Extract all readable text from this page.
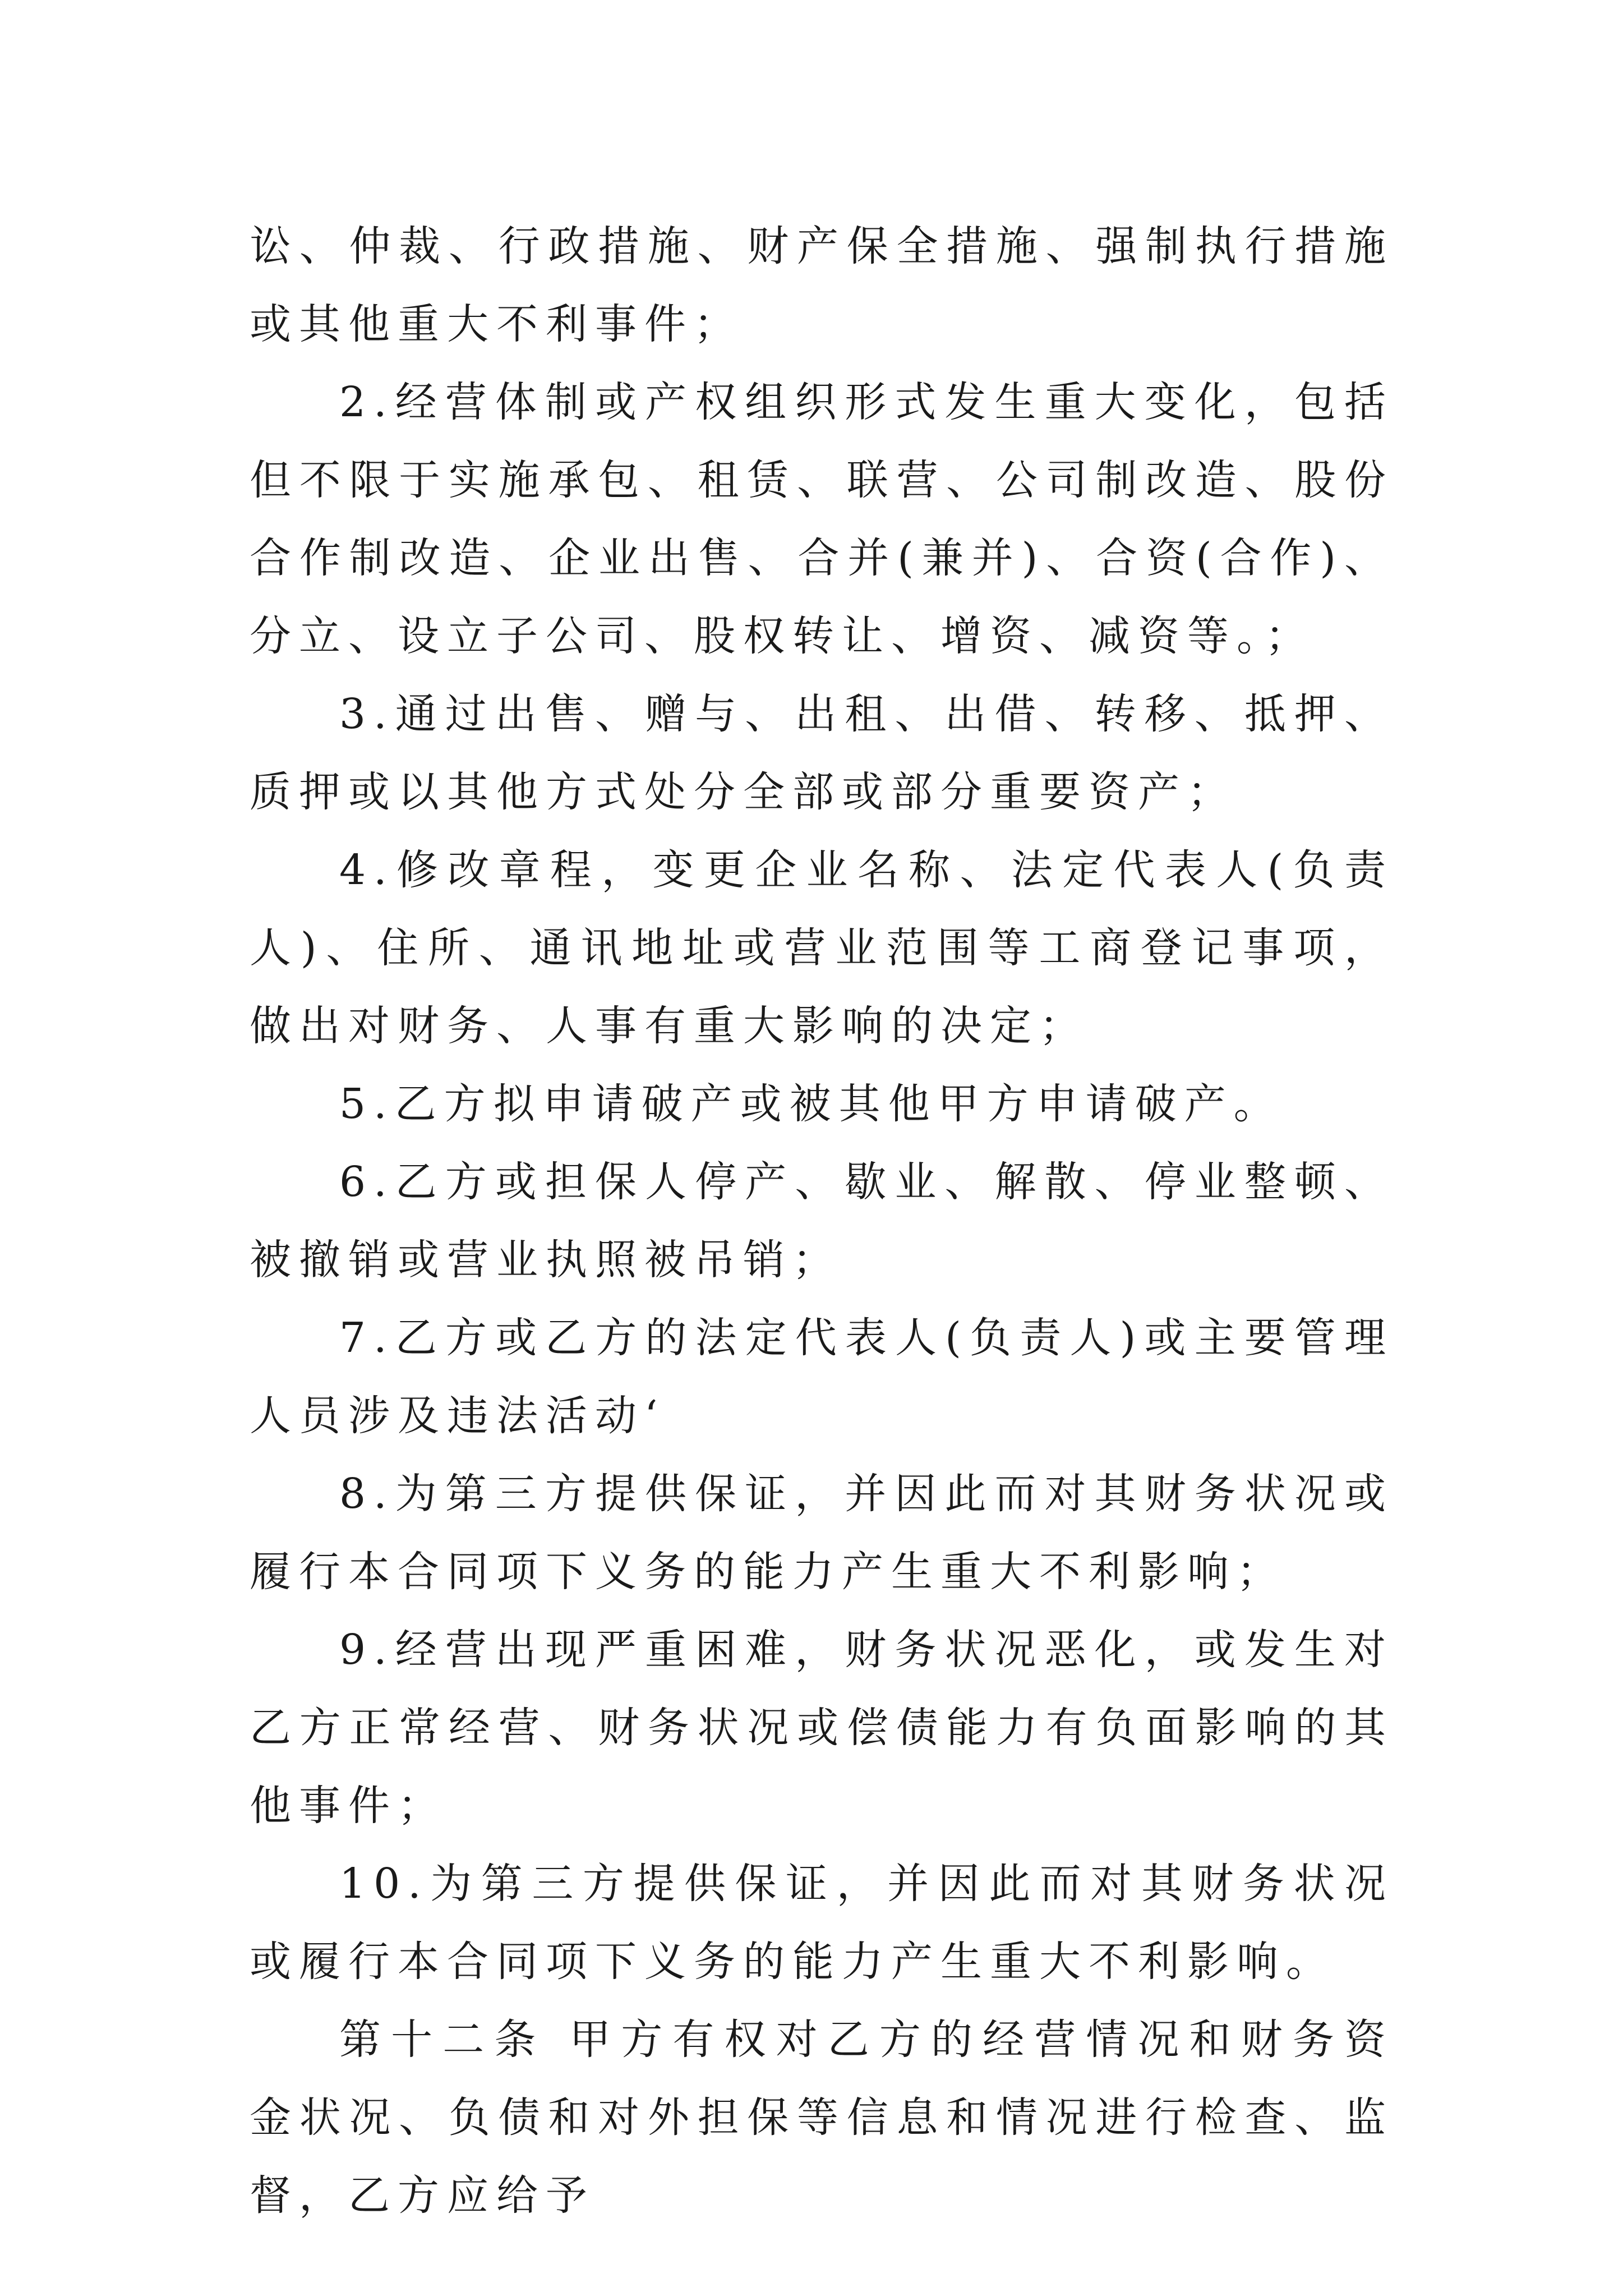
讼、仲裁、行政措施、财产保全措施、强制执行措施或其他重大不利事件；

2.经营体制或产权组织形式发生重大变化，包括但不限于实施承包、租赁、联营、公司制改造、股份合作制改造、企业出售、合并(兼并)、合资(合作)、分立、设立子公司、股权转让、增资、减资等。；

3.通过出售、赠与、出租、出借、转移、抵押、质押或以其他方式处分全部或部分重要资产；

4.修改章程，变更企业名称、法定代表人(负责人)、住所、通讯地址或营业范围等工商登记事项，做出对财务、人事有重大影响的决定；

5.乙方拟申请破产或被其他甲方申请破产。

6.乙方或担保人停产、歇业、解散、停业整顿、被撤销或营业执照被吊销；

7.乙方或乙方的法定代表人(负责人)或主要管理人员涉及违法活动‘

8.为第三方提供保证，并因此而对其财务状况或履行本合同项下义务的能力产生重大不利影响；

9.经营出现严重困难，财务状况恶化，或发生对乙方正常经营、财务状况或偿债能力有负面影响的其他事件；

10.为第三方提供保证，并因此而对其财务状况或履行本合同项下义务的能力产生重大不利影响。

第十二条 甲方有权对乙方的经营情况和财务资金状况、负债和对外担保等信息和情况进行检查、监督，乙方应给予
